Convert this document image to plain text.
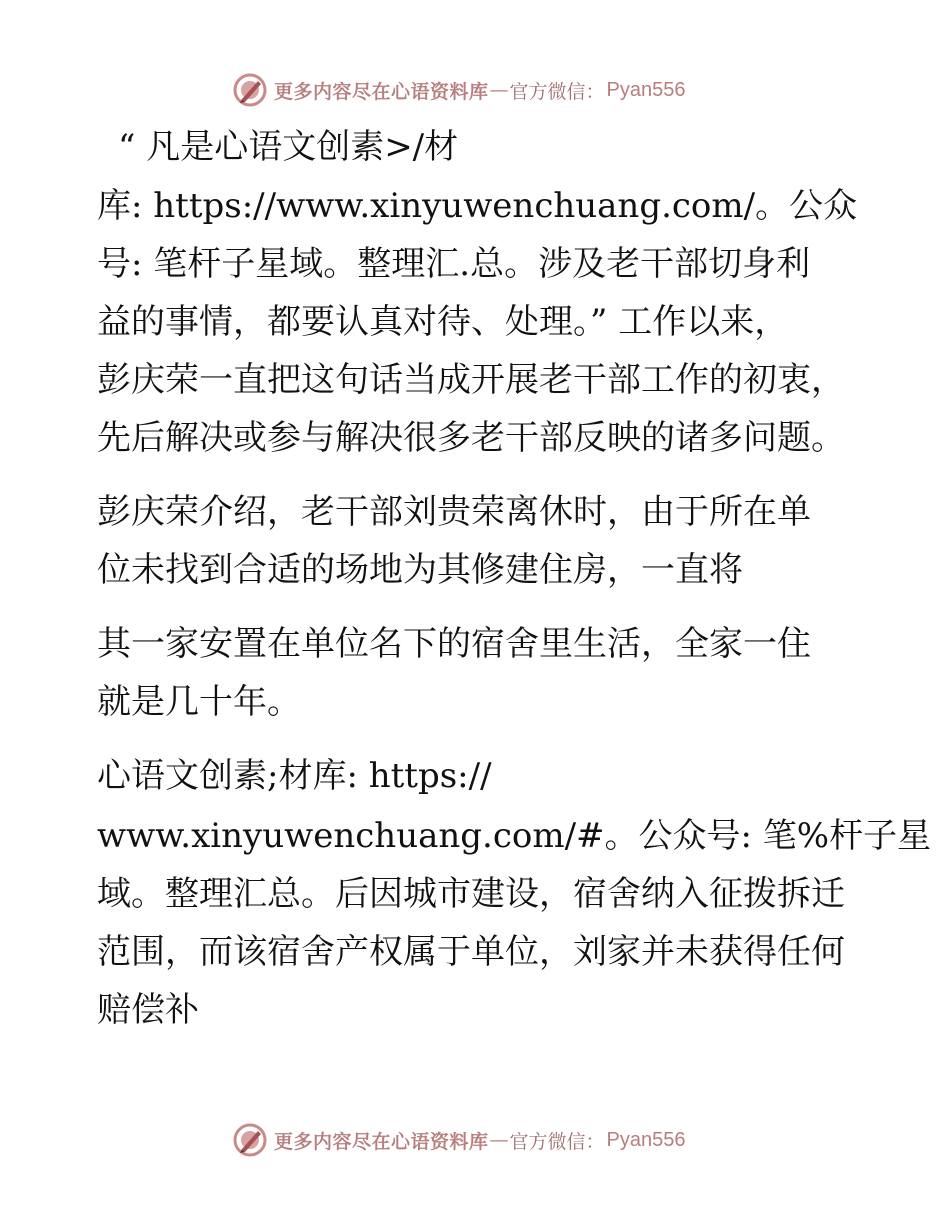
更多内容尽在心语资料库 — 官方微信： Pyan556
“ 凡是心语文创素>/材
库: https://www.xinyuwenchuang.com/。公众
号: 笔杆子星域。整理汇.总。涉及老干部切身利
益的事情，都要认真对待、处理。” 工作以来，
彭庆荣一直把这句话当成开展老干部工作的初衷，
先后解决或参与解决很多老干部反映的诸多问题。
彭庆荣介绍，老干部刘贵荣离休时，由于所在单
位未找到合适的场地为其修建住房，一直将
其一家安置在单位名下的宿舍里生活，全家一住
就是几十年。
心语文创素;材库: https://
www.xinyuwenchuang.com/#。公众号: 笔%杆子星
域。整理汇总。后因城市建设，宿舍纳入征拨拆迁
范围，而该宿舍产权属于单位，刘家并未获得任何
赔偿补
更多内容尽在心语资料库 — 官方微信： Pyan556
